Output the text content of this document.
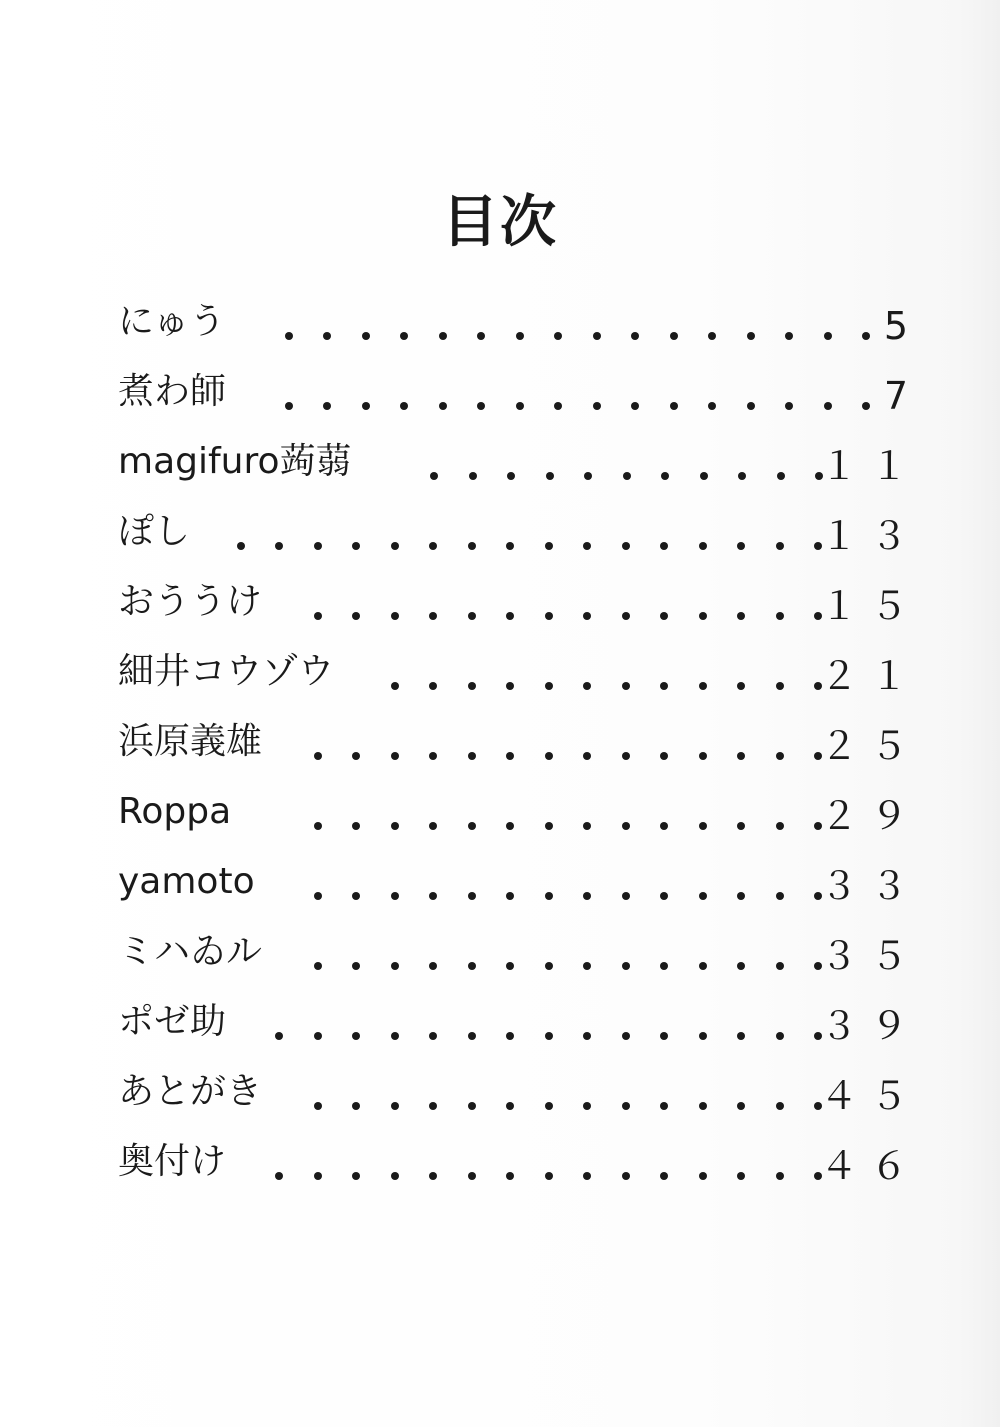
目次
にゅう	5
煮わ師	7
magifuro蒟蒻	１１
ぽし	１３
おううけ	１５
細井コウゾウ	２１
浜原義雄	２５
Roppa	２９
yamoto	３３
ミハゐル	３５
ポゼ助	３９
あとがき	４５
奥付け	４６
